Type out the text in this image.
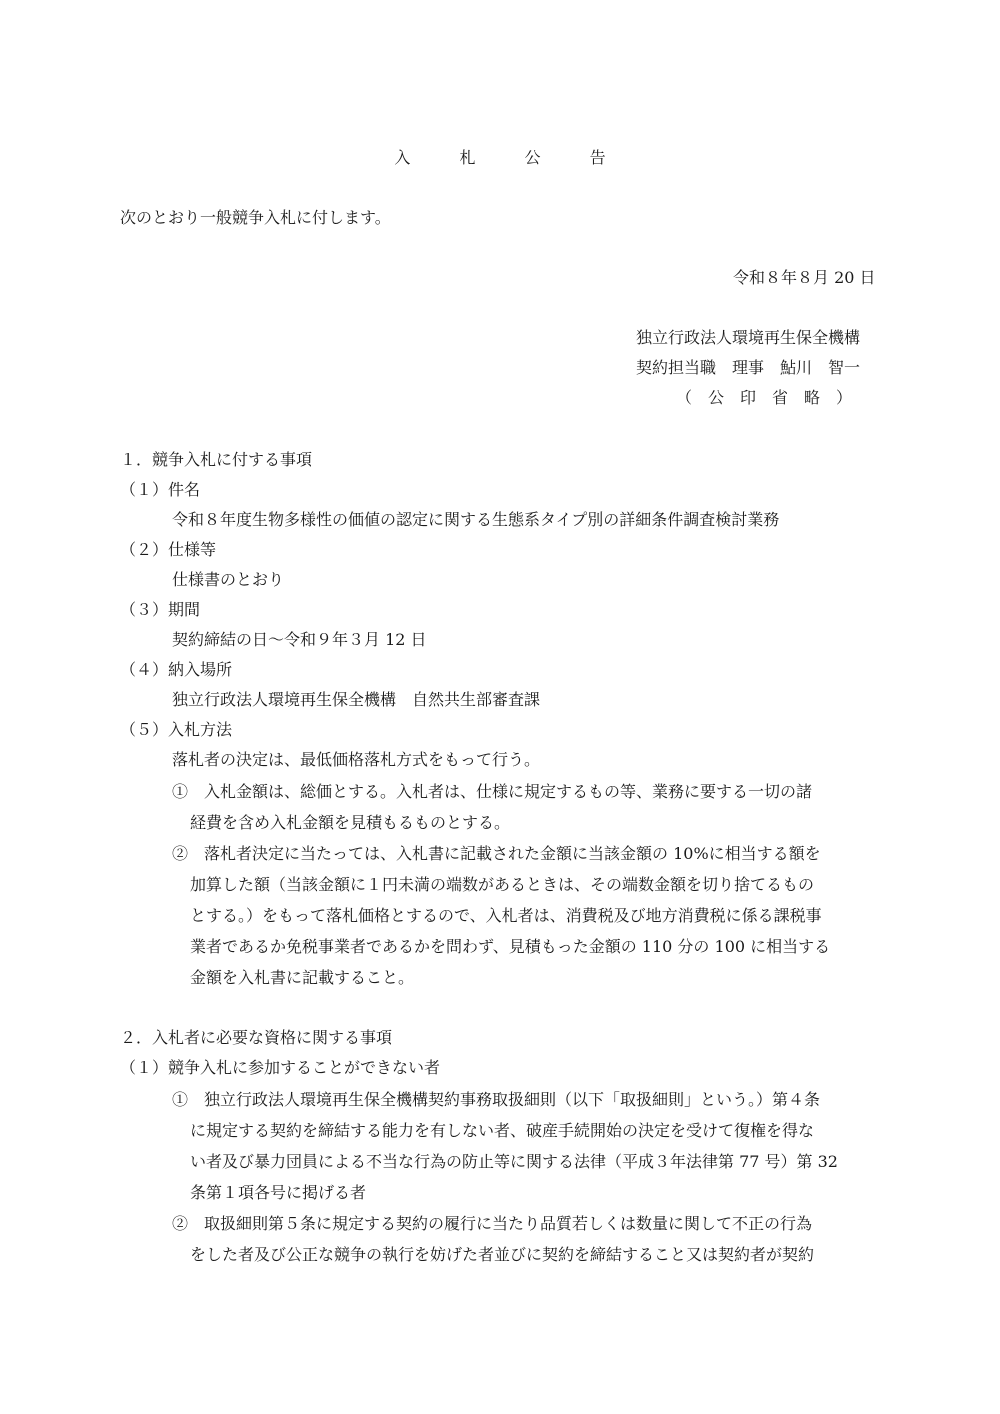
入 札 公 告
次のとおり一般競争入札に付します。
令和８年８月 20 日
独立行政法人環境再生保全機構
契約担当職　理事　鮎川　智一
（　公　印　省　略　）
１．競争入札に付する事項
（１）件名
令和８年度生物多様性の価値の認定に関する生態系タイプ別の詳細条件調査検討業務
（２）仕様等
仕様書のとおり
（３）期間
契約締結の日～令和９年３月 12 日
（４）納入場所
独立行政法人環境再生保全機構　自然共生部審査課
（５）入札方法
落札者の決定は、最低価格落札方式をもって行う。
①　入札金額は、総価とする。入札者は、仕様に規定するもの等、業務に要する一切の諸
経費を含め入札金額を見積もるものとする。
②　落札者決定に当たっては、入札書に記載された金額に当該金額の 10%に相当する額を
加算した額（当該金額に１円未満の端数があるときは、その端数金額を切り捨てるもの
とする。）をもって落札価格とするので、入札者は、消費税及び地方消費税に係る課税事
業者であるか免税事業者であるかを問わず、見積もった金額の 110 分の 100 に相当する
金額を入札書に記載すること。
２．入札者に必要な資格に関する事項
（１）競争入札に参加することができない者
①　独立行政法人環境再生保全機構契約事務取扱細則（以下「取扱細則」という。）第４条
に規定する契約を締結する能力を有しない者、破産手続開始の決定を受けて復権を得な
い者及び暴力団員による不当な行為の防止等に関する法律（平成３年法律第 77 号）第 32
条第１項各号に掲げる者
②　取扱細則第５条に規定する契約の履行に当たり品質若しくは数量に関して不正の行為
をした者及び公正な競争の執行を妨げた者並びに契約を締結すること又は契約者が契約
